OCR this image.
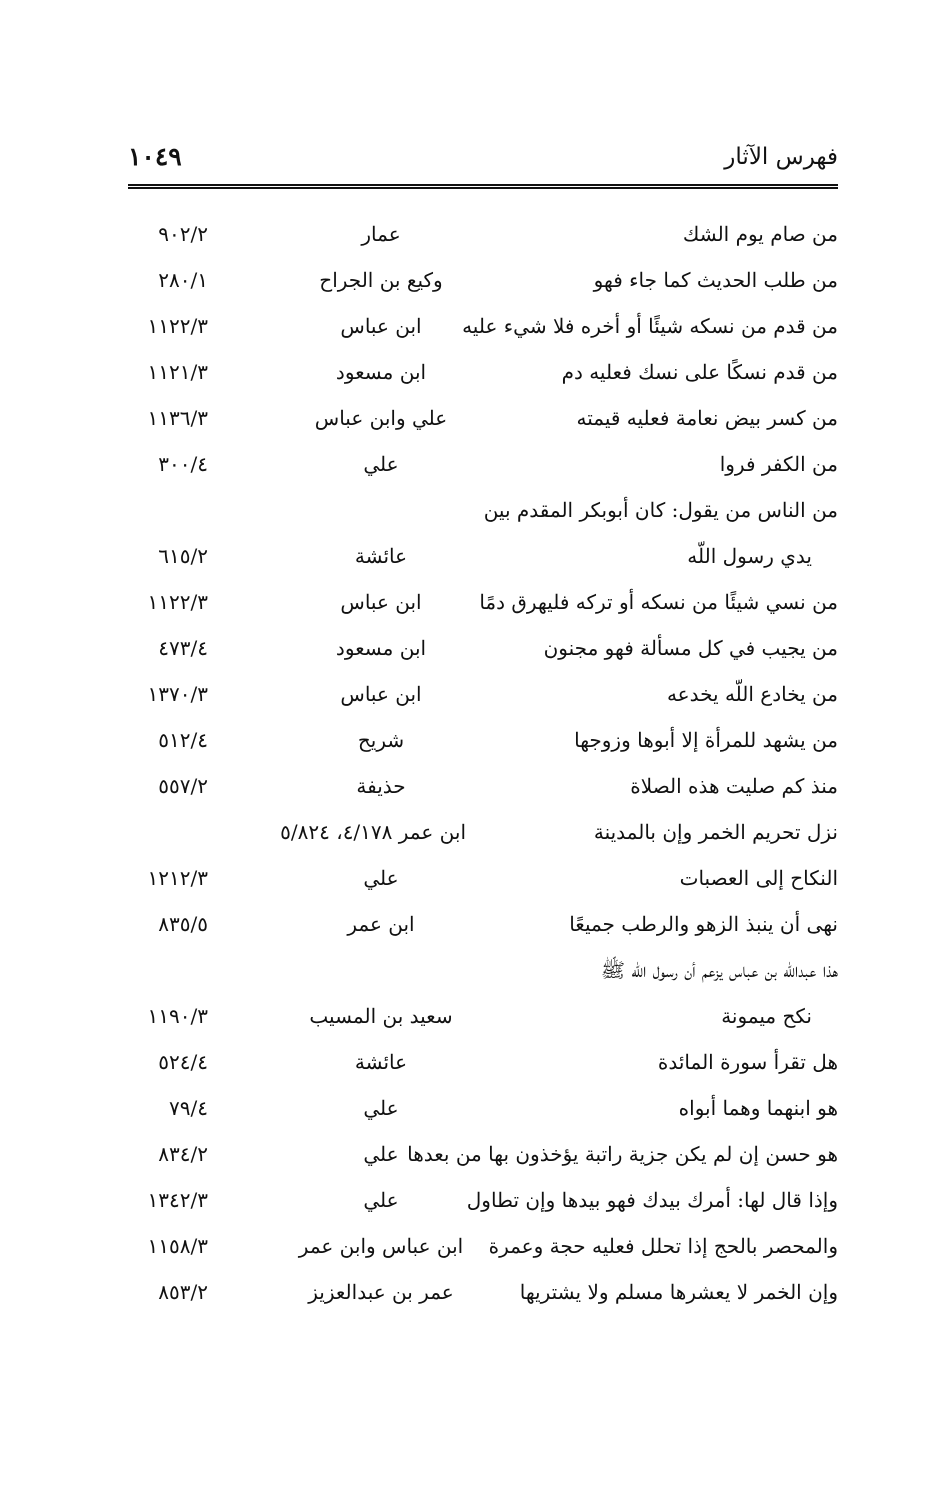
فهرس الآثار
١٠٤٩
من صام يوم الشك
عمار
٩٠٢/٢
من طلب الحديث كما جاء فهو
وكيع بن الجراح
٢٨٠/١
من قدم من نسكه شيئًا أو أخره فلا شيء عليه
ابن عباس
١١٢٢/٣
من قدم نسكًا على نسك فعليه دم
ابن مسعود
١١٢١/٣
من كسر بيض نعامة فعليه قيمته
علي وابن عباس
١١٣٦/٣
من الكفر فروا
علي
٣٠٠/٤
من الناس من يقول: كان أبوبكر المقدم بين
يدي رسول اللّه
عائشة
٦١٥/٢
من نسي شيئًا من نسكه أو تركه فليهرق دمًا
ابن عباس
١١٢٢/٣
من يجيب في كل مسألة فهو مجنون
ابن مسعود
٤٧٣/٤
من يخادع اللّه يخدعه
ابن عباس
١٣٧٠/٣
من يشهد للمرأة إلا أبوها وزوجها
شريح
٥١٢/٤
منذ كم صليت هذه الصلاة
حذيفة
٥٥٧/٢
نزل تحريم الخمر وإن بالمدينة
ابن عمر ٤/١٧٨، ٥/٨٢٤
النكاح إلى العصبات
علي
١٢١٢/٣
نهى أن ينبذ الزهو والرطب جميعًا
ابن عمر
٨٣٥/٥
هذا عبداللّه بن عباس يزعم أن رسول اللّه ﷺ
نكح ميمونة
سعيد بن المسيب
١١٩٠/٣
هل تقرأ سورة المائدة
عائشة
٥٢٤/٤
هو ابنهما وهما أبواه
علي
٧٩/٤
هو حسن إن لم يكن جزية راتبة يؤخذون بها من بعدها
علي
٨٣٤/٢
وإذا قال لها: أمرك بيدك فهو بيدها وإن تطاول
علي
١٣٤٢/٣
والمحصر بالحج إذا تحلل فعليه حجة وعمرة
ابن عباس وابن عمر
١١٥٨/٣
وإن الخمر لا يعشرها مسلم ولا يشتريها
عمر بن عبدالعزيز
٨٥٣/٢
